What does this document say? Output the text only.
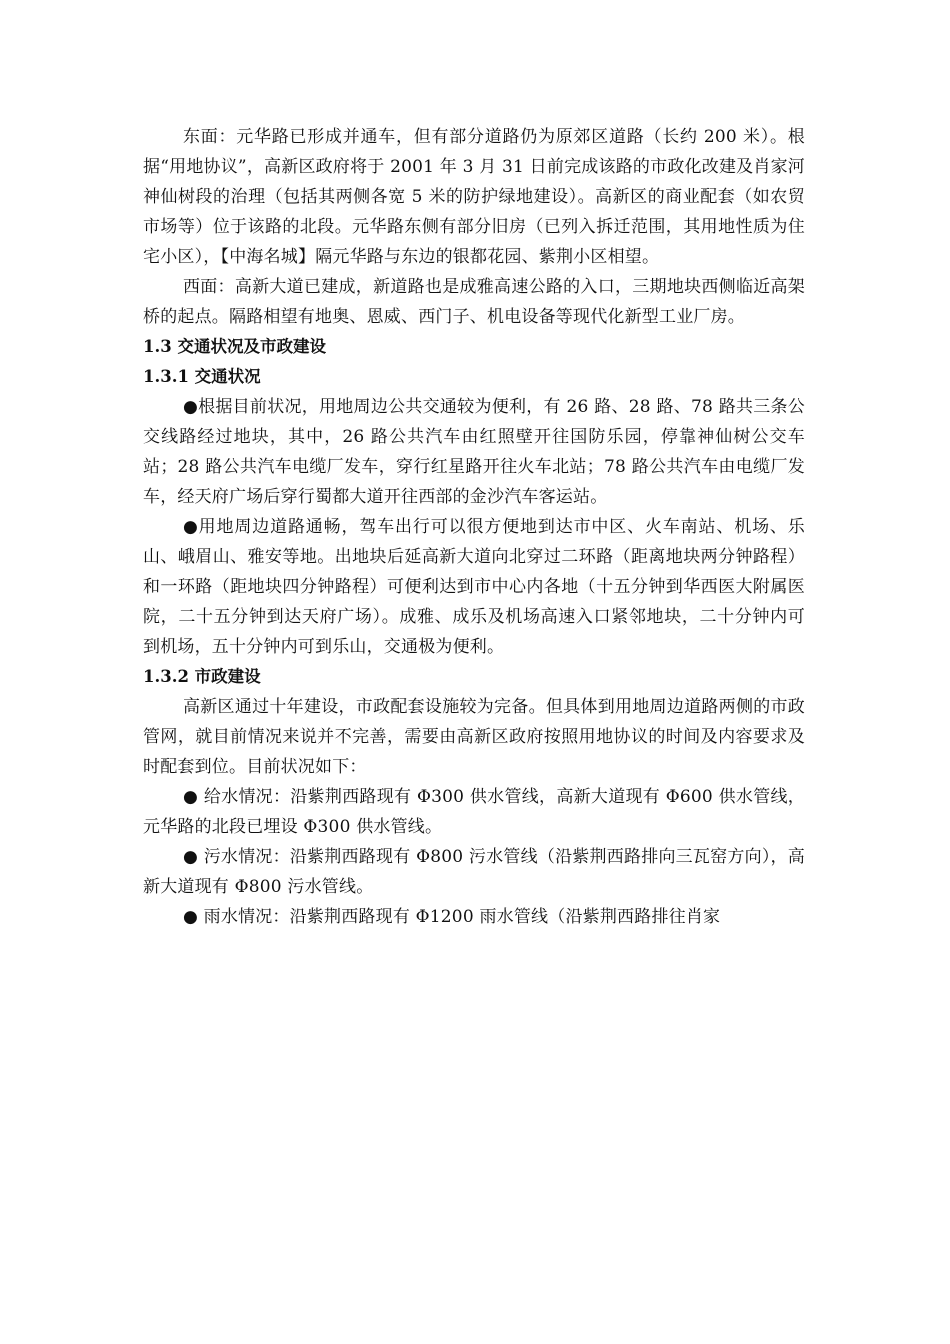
东面：元华路已形成并通车，但有部分道路仍为原郊区道路（长约 200 米）。根据“用地协议”，高新区政府将于 2001 年 3 月 31 日前完成该路的市政化改建及肖家河神仙树段的治理（包括其两侧各宽 5 米的防护绿地建设）。高新区的商业配套（如农贸市场等）位于该路的北段。元华路东侧有部分旧房（已列入拆迁范围，其用地性质为住宅小区），【中海名城】隔元华路与东边的银都花园、紫荆小区相望。

西面：高新大道已建成，新道路也是成雅高速公路的入口，三期地块西侧临近高架桥的起点。隔路相望有地奥、恩威、西门子、机电设备等现代化新型工业厂房。

1.3 交通状况及市政建设

1.3.1 交通状况

●根据目前状况，用地周边公共交通较为便利，有 26 路、28 路、78 路共三条公交线路经过地块，其中，26 路公共汽车由红照壁开往国防乐园，停靠神仙树公交车站；28 路公共汽车电缆厂发车，穿行红星路开往火车北站；78 路公共汽车由电缆厂发车，经天府广场后穿行蜀都大道开往西部的金沙汽车客运站。

●用地周边道路通畅，驾车出行可以很方便地到达市中区、火车南站、机场、乐山、峨眉山、雅安等地。出地块后延高新大道向北穿过二环路（距离地块两分钟路程）和一环路（距地块四分钟路程）可便利达到市中心内各地（十五分钟到华西医大附属医院，二十五分钟到达天府广场）。成雅、成乐及机场高速入口紧邻地块，二十分钟内可到机场，五十分钟内可到乐山，交通极为便利。

1.3.2 市政建设

高新区通过十年建设，市政配套设施较为完备。但具体到用地周边道路两侧的市政管网，就目前情况来说并不完善，需要由高新区政府按照用地协议的时间及内容要求及时配套到位。目前状况如下：

● 给水情况：沿紫荆西路现有 Φ300 供水管线，高新大道现有 Φ600 供水管线，元华路的北段已埋设 Φ300 供水管线。

● 污水情况：沿紫荆西路现有 Φ800 污水管线（沿紫荆西路排向三瓦窑方向），高新大道现有 Φ800 污水管线。

● 雨水情况：沿紫荆西路现有 Φ1200 雨水管线（沿紫荆西路排往肖家
